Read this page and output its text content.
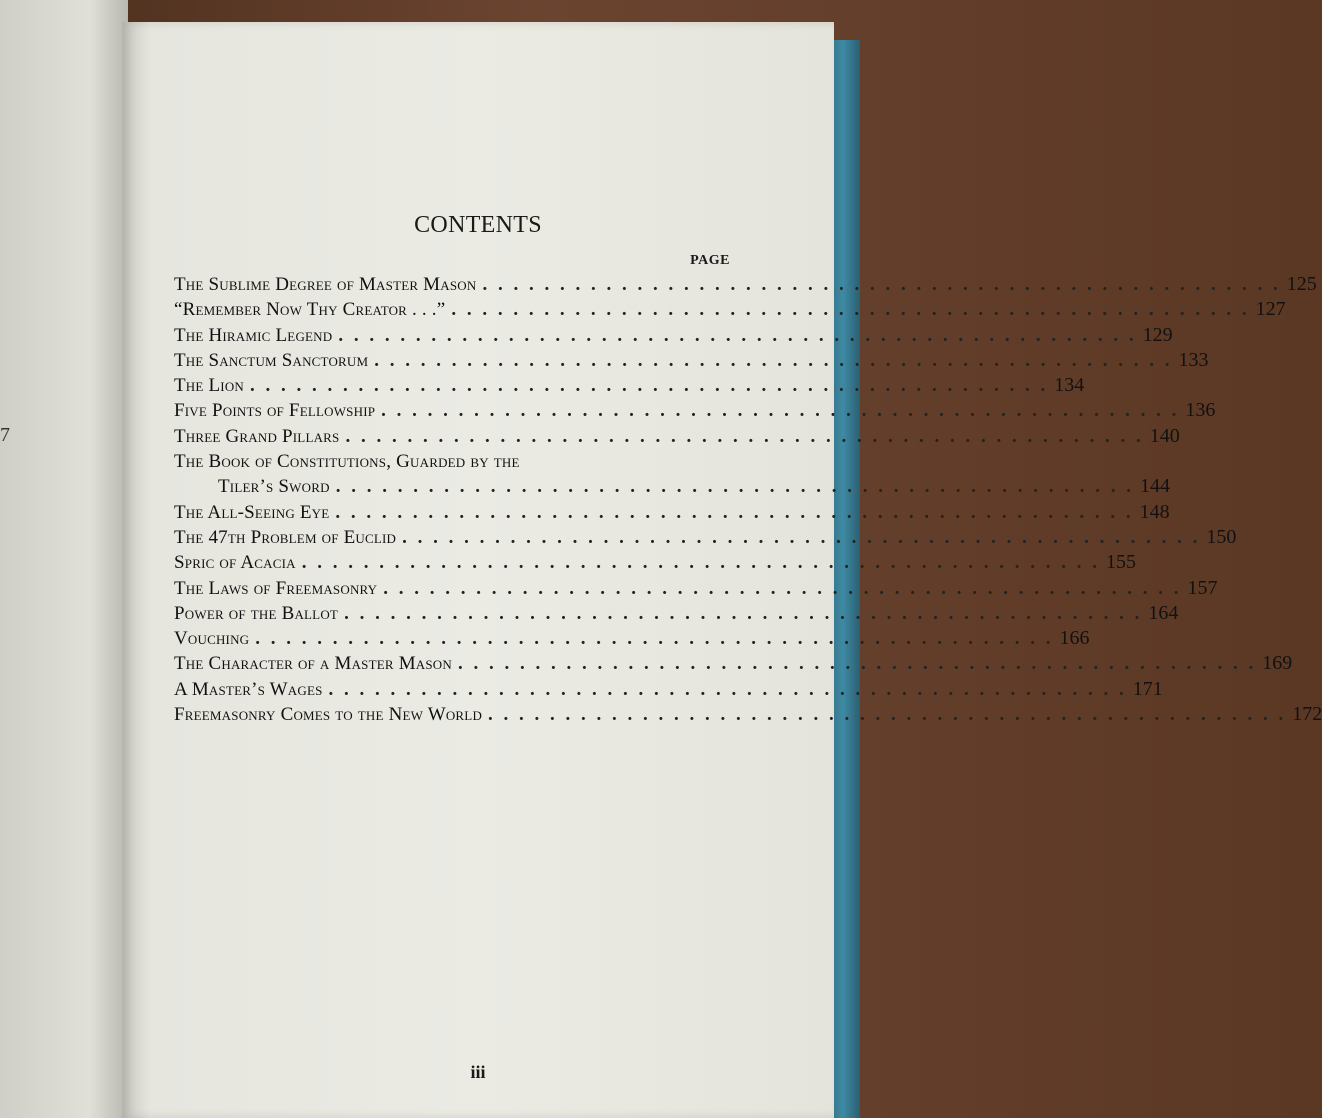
7
CONTENTS
PAGE
The Sublime Degree of Master Mason . . . . . . . . . . . . . . . . . . . . . . . . . . . . . . . . . . . . . . . . . . . . . . . . . . . . 125
“Remember Now Thy Creator . . .” . . . . . . . . . . . . . . . . . . . . . . . . . . . . . . . . . . . . . . . . . . . . . . . . . . . . 127
The Hiramic Legend . . . . . . . . . . . . . . . . . . . . . . . . . . . . . . . . . . . . . . . . . . . . . . . . . . . . 129
The Sanctum Sanctorum . . . . . . . . . . . . . . . . . . . . . . . . . . . . . . . . . . . . . . . . . . . . . . . . . . . . 133
The Lion . . . . . . . . . . . . . . . . . . . . . . . . . . . . . . . . . . . . . . . . . . . . . . . . . . . . 134
Five Points of Fellowship . . . . . . . . . . . . . . . . . . . . . . . . . . . . . . . . . . . . . . . . . . . . . . . . . . . . 136
Three Grand Pillars . . . . . . . . . . . . . . . . . . . . . . . . . . . . . . . . . . . . . . . . . . . . . . . . . . . . 140
The Book of Constitutions, Guarded by the
Tiler’s Sword . . . . . . . . . . . . . . . . . . . . . . . . . . . . . . . . . . . . . . . . . . . . . . . . . . . . 144
The All-Seeing Eye . . . . . . . . . . . . . . . . . . . . . . . . . . . . . . . . . . . . . . . . . . . . . . . . . . . . 148
The 47th Problem of Euclid . . . . . . . . . . . . . . . . . . . . . . . . . . . . . . . . . . . . . . . . . . . . . . . . . . . . 150
Spric of Acacia . . . . . . . . . . . . . . . . . . . . . . . . . . . . . . . . . . . . . . . . . . . . . . . . . . . . 155
The Laws of Freemasonry . . . . . . . . . . . . . . . . . . . . . . . . . . . . . . . . . . . . . . . . . . . . . . . . . . . . 157
Power of the Ballot . . . . . . . . . . . . . . . . . . . . . . . . . . . . . . . . . . . . . . . . . . . . . . . . . . . . 164
Vouching . . . . . . . . . . . . . . . . . . . . . . . . . . . . . . . . . . . . . . . . . . . . . . . . . . . . 166
The Character of a Master Mason . . . . . . . . . . . . . . . . . . . . . . . . . . . . . . . . . . . . . . . . . . . . . . . . . . . . 169
A Master’s Wages . . . . . . . . . . . . . . . . . . . . . . . . . . . . . . . . . . . . . . . . . . . . . . . . . . . . 171
Freemasonry Comes to the New World . . . . . . . . . . . . . . . . . . . . . . . . . . . . . . . . . . . . . . . . . . . . . . . . . . . . 172
iii
